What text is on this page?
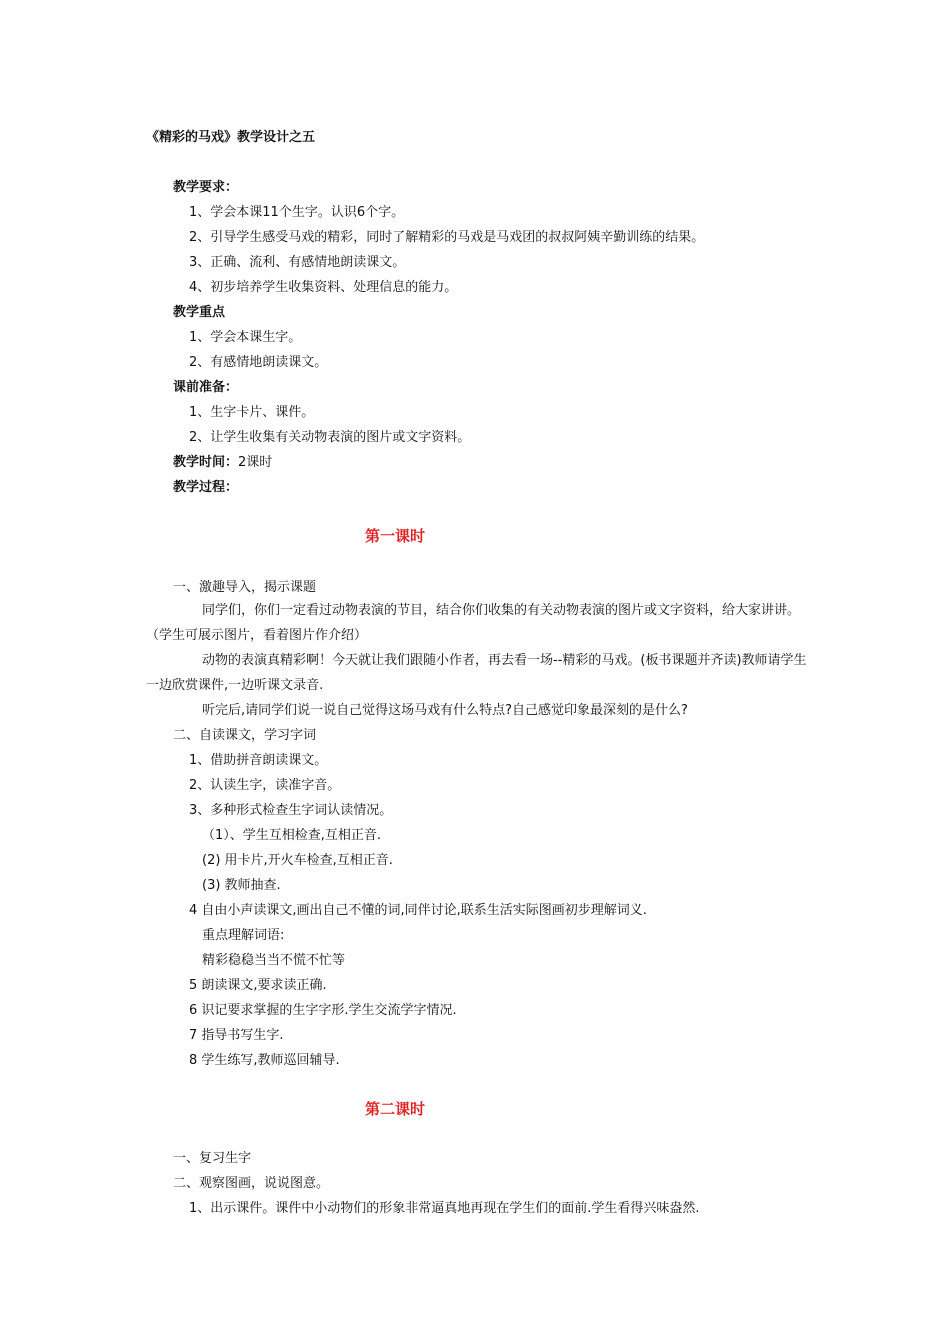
《精彩的马戏》教学设计之五
教学要求：
1、学会本课11个生字。认识6个字。
2、引导学生感受马戏的精彩，同时了解精彩的马戏是马戏团的叔叔阿姨辛勤训练的结果。
3、正确、流利、有感情地朗读课文。
4、初步培养学生收集资料、处理信息的能力。
教学重点
1、学会本课生字。
2、有感情地朗读课文。
课前准备：
1、生字卡片、课件。
2、让学生收集有关动物表演的图片或文字资料。
教学时间：2课时
教学过程：
第一课时
一、激趣导入，揭示课题
同学们，你们一定看过动物表演的节目，结合你们收集的有关动物表演的图片或文字资料，给大家讲讲。（学生可展示图片，看着图片作介绍）
动物的表演真精彩啊！今天就让我们跟随小作者，再去看一场--精彩的马戏。(板书课题并齐读)教师请学生一边欣赏课件,一边听课文录音.
听完后,请同学们说一说自己觉得这场马戏有什么特点?自己感觉印象最深刻的是什么?
二、自读课文，学习字词
1、借助拼音朗读课文。
2、认读生字，读准字音。
3、多种形式检查生字词认读情况。
（1）、学生互相检查,互相正音.
(2) 用卡片,开火车检查,互相正音.
(3) 教师抽查.
4 自由小声读课文,画出自己不懂的词,同伴讨论,联系生活实际图画初步理解词义.
重点理解词语:
精彩稳稳当当不慌不忙等
5 朗读课文,要求读正确.
6 识记要求掌握的生字字形.学生交流学字情况.
7 指导书写生字.
8 学生练写,教师巡回辅导.
第二课时
一、复习生字
二、观察图画，说说图意。
1、出示课件。课件中小动物们的形象非常逼真地再现在学生们的面前.学生看得兴味盎然.
